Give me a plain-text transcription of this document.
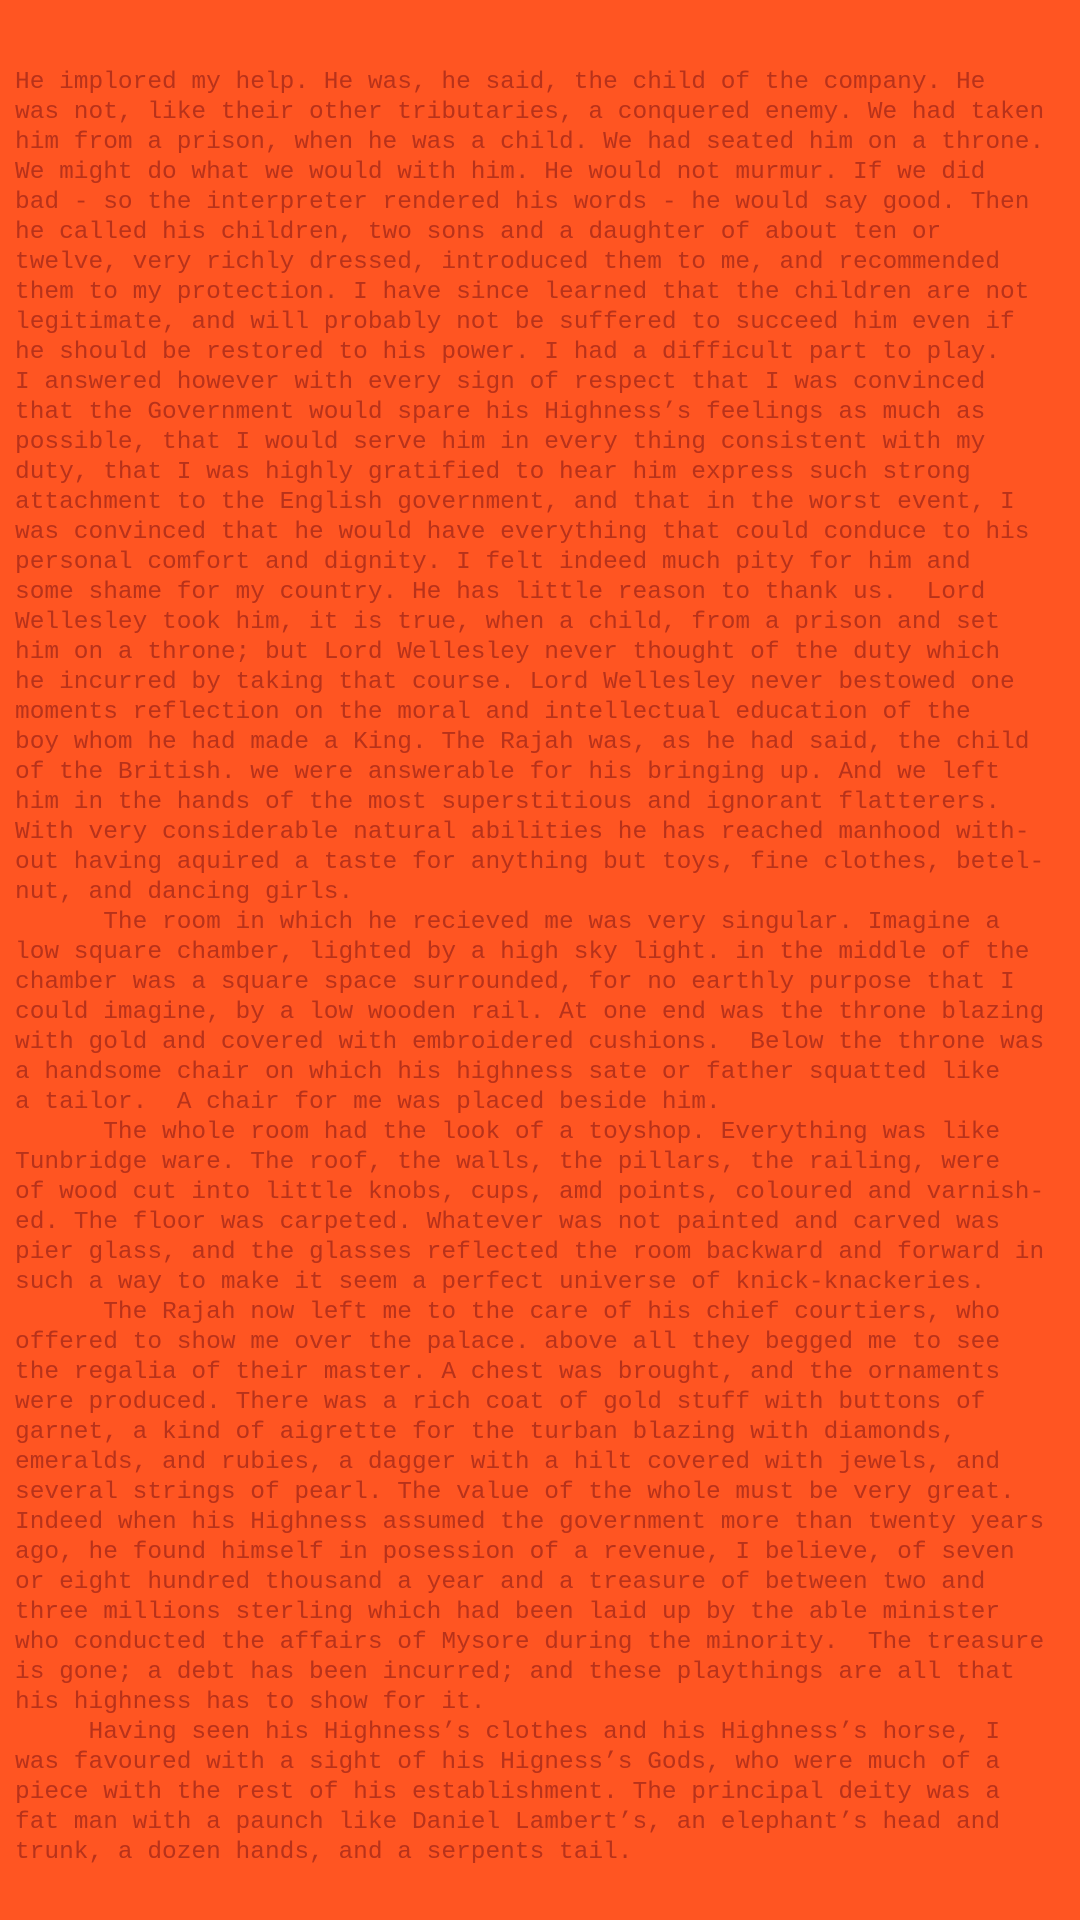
He implored my help. He was, he said, the child of the company. He
was not, like their other tributaries, a conquered enemy. We had taken
him from a prison, when he was a child. We had seated him on a throne.
We might do what we would with him. He would not murmur. If we did
bad - so the interpreter rendered his words - he would say good. Then
he called his children, two sons and a daughter of about ten or
twelve, very richly dressed, introduced them to me, and recommended
them to my protection. I have since learned that the children are not
legitimate, and will probably not be suffered to succeed him even if
he should be restored to his power. I had a difficult part to play.
I answered however with every sign of respect that I was convinced
that the Government would spare his Highness’s feelings as much as
possible, that I would serve him in every thing consistent with my
duty, that I was highly gratified to hear him express such strong
attachment to the English government, and that in the worst event, I
was convinced that he would have everything that could conduce to his
personal comfort and dignity. I felt indeed much pity for him and
some shame for my country. He has little reason to thank us.  Lord
Wellesley took him, it is true, when a child, from a prison and set
him on a throne; but Lord Wellesley never thought of the duty which
he incurred by taking that course. Lord Wellesley never bestowed one
moments reflection on the moral and intellectual education of the
boy whom he had made a King. The Rajah was, as he had said, the child
of the British. we were answerable for his bringing up. And we left
him in the hands of the most superstitious and ignorant flatterers.
With very considerable natural abilities he has reached manhood with-
out having aquired a taste for anything but toys, fine clothes, betel-
nut, and dancing girls.
The room in which he recieved me was very singular. Imagine a
low square chamber, lighted by a high sky light. in the middle of the
chamber was a square space surrounded, for no earthly purpose that I
could imagine, by a low wooden rail. At one end was the throne blazing
with gold and covered with embroidered cushions.  Below the throne was
a handsome chair on which his highness sate or father squatted like
a tailor.  A chair for me was placed beside him.
The whole room had the look of a toyshop. Everything was like
Tunbridge ware. The roof, the walls, the pillars, the railing, were
of wood cut into little knobs, cups, amd points, coloured and varnish-
ed. The floor was carpeted. Whatever was not painted and carved was
pier glass, and the glasses reflected the room backward and forward in
such a way to make it seem a perfect universe of knick-knackeries.
The Rajah now left me to the care of his chief courtiers, who
offered to show me over the palace. above all they begged me to see
the regalia of their master. A chest was brought, and the ornaments
were produced. There was a rich coat of gold stuff with buttons of
garnet, a kind of aigrette for the turban blazing with diamonds,
emeralds, and rubies, a dagger with a hilt covered with jewels, and
several strings of pearl. The value of the whole must be very great.
Indeed when his Highness assumed the government more than twenty years
ago, he found himself in posession of a revenue, I believe, of seven
or eight hundred thousand a year and a treasure of between two and
three millions sterling which had been laid up by the able minister
who conducted the affairs of Mysore during the minority.  The treasure
is gone; a debt has been incurred; and these playthings are all that
his highness has to show for it.
Having seen his Highness’s clothes and his Highness’s horse, I
was favoured with a sight of his Higness’s Gods, who were much of a
piece with the rest of his establishment. The principal deity was a
fat man with a paunch like Daniel Lambert’s, an elephant’s head and
trunk, a dozen hands, and a serpents tail.
